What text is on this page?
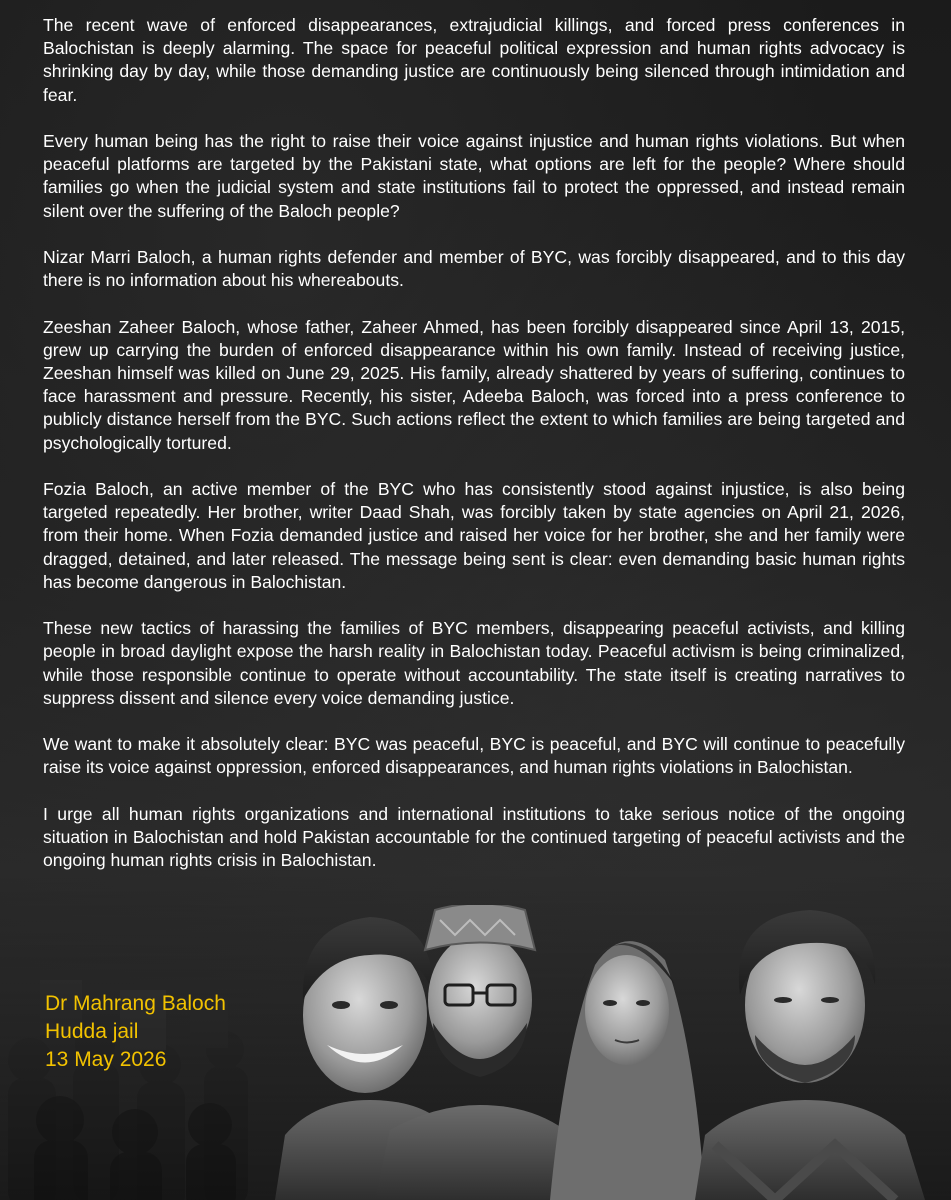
The recent wave of enforced disappearances, extrajudicial killings, and forced press conferences in Balochistan is deeply alarming. The space for peaceful political expression and human rights advocacy is shrinking day by day, while those demanding justice are continuously being silenced through intimidation and fear.

Every human being has the right to raise their voice against injustice and human rights violations. But when peaceful platforms are targeted by the Pakistani state, what options are left for the people? Where should families go when the judicial system and state institutions fail to protect the oppressed, and instead remain silent over the suffering of the Baloch people?

Nizar Marri Baloch, a human rights defender and member of BYC, was forcibly disappeared, and to this day there is no information about his whereabouts.

Zeeshan Zaheer Baloch, whose father, Zaheer Ahmed, has been forcibly disappeared since April 13, 2015, grew up carrying the burden of enforced disappearance within his own family. Instead of receiving justice, Zeeshan himself was killed on June 29, 2025. His family, already shattered by years of suffering, continues to face harassment and pressure. Recently, his sister, Adeeba Baloch, was forced into a press conference to publicly distance herself from the BYC. Such actions reflect the extent to which families are being targeted and psychologically tortured.

Fozia Baloch, an active member of the BYC who has consistently stood against injustice, is also being targeted repeatedly. Her brother, writer Daad Shah, was forcibly taken by state agencies on April 21, 2026, from their home. When Fozia demanded justice and raised her voice for her brother, she and her family were dragged, detained, and later released. The message being sent is clear: even demanding basic human rights has become dangerous in Balochistan.

These new tactics of harassing the families of BYC members, disappearing peaceful activists, and killing people in broad daylight expose the harsh reality in Balochistan today. Peaceful activism is being criminalized, while those responsible continue to operate without accountability. The state itself is creating narratives to suppress dissent and silence every voice demanding justice.

We want to make it absolutely clear: BYC was peaceful, BYC is peaceful, and BYC will continue to peacefully raise its voice against oppression, enforced disappearances, and human rights violations in Balochistan.

I urge all human rights organizations and international institutions to take serious notice of the ongoing situation in Balochistan and hold Pakistan accountable for the continued targeting of peaceful activists and the ongoing human rights crisis in Balochistan.

Dr Mahrang Baloch
Hudda jail
13 May 2026
